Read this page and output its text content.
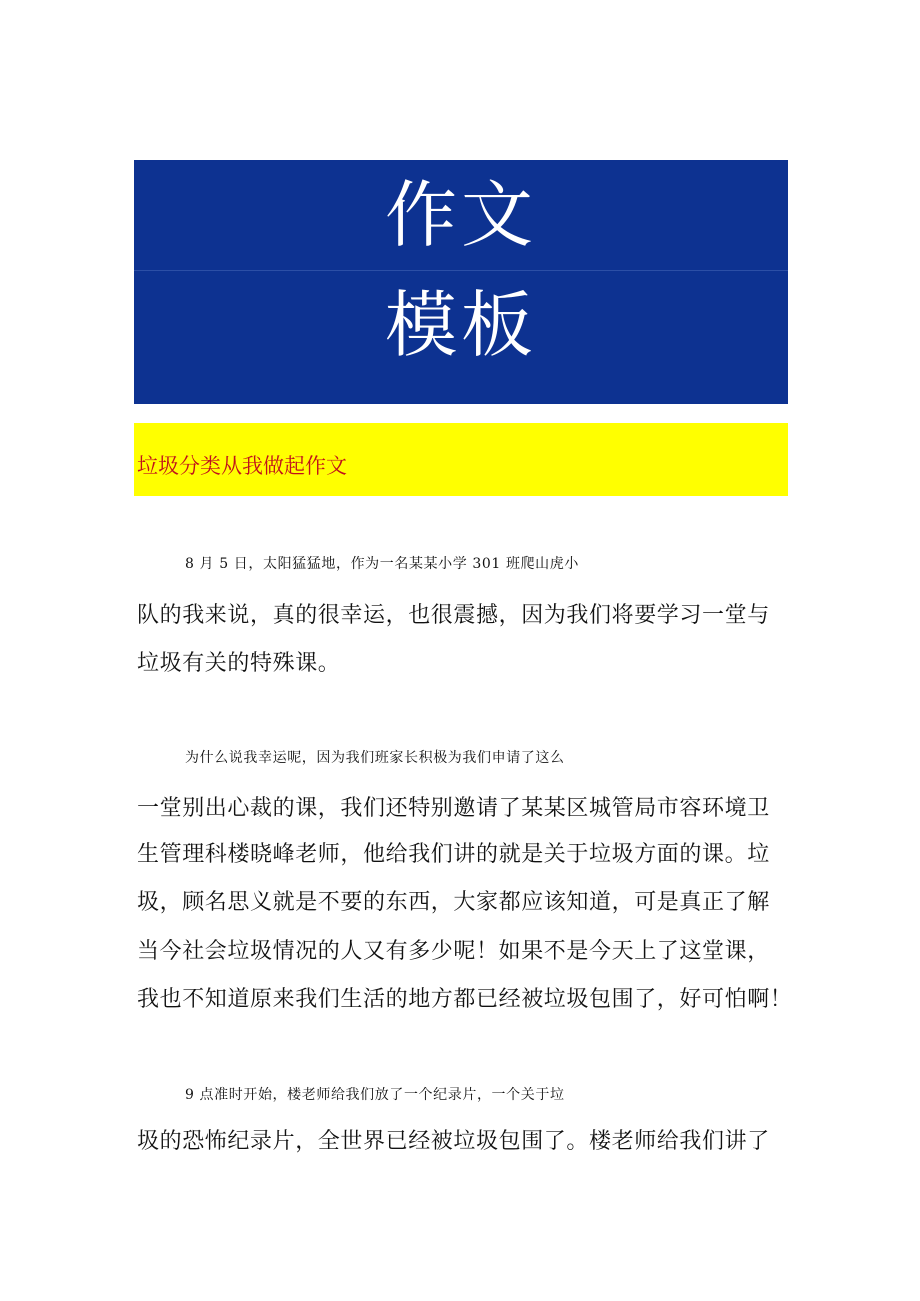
作文
模板
垃圾分类从我做起作文
8 月 5 日，太阳猛猛地，作为一名某某小学 301 班爬山虎小
队的我来说，真的很幸运，也很震撼，因为我们将要学习一堂与
垃圾有关的特殊课。
为什么说我幸运呢，因为我们班家长积极为我们申请了这么
一堂别出心裁的课，我们还特别邀请了某某区城管局市容环境卫
生管理科楼晓峰老师，他给我们讲的就是关于垃圾方面的课。垃
圾，顾名思义就是不要的东西，大家都应该知道，可是真正了解
当今社会垃圾情况的人又有多少呢！如果不是今天上了这堂课，
我也不知道原来我们生活的地方都已经被垃圾包围了，好可怕啊！
9 点准时开始，楼老师给我们放了一个纪录片，一个关于垃
圾的恐怖纪录片，全世界已经被垃圾包围了。楼老师给我们讲了
